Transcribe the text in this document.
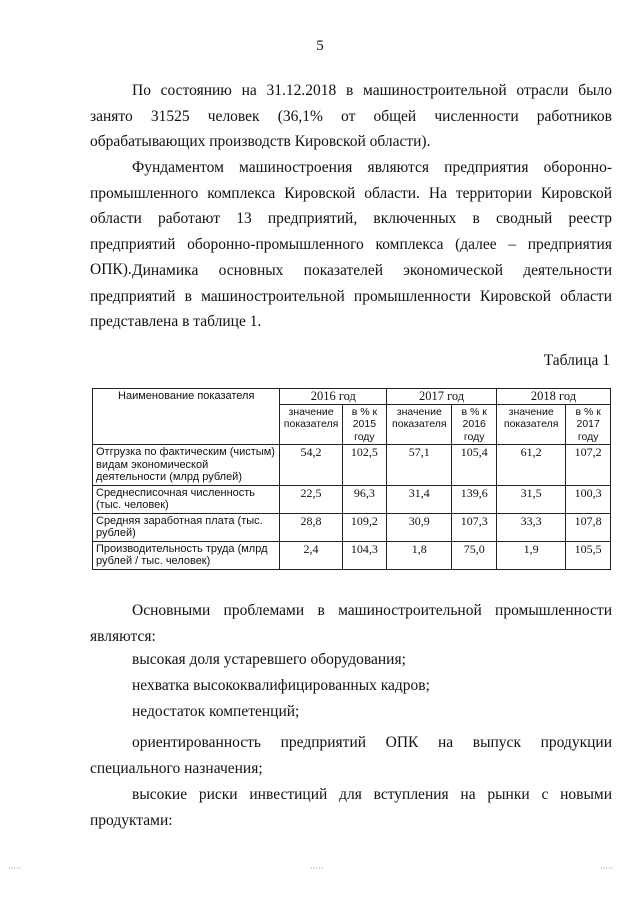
5

По состоянию на 31.12.2018 в машиностроительной отрасли было занято 31525 человек (36,1% от общей численности работников обрабатывающих производств Кировской области).

Фундаментом машиностроения являются предприятия оборонно-промышленного комплекса Кировской области. На территории Кировской области работают 13 предприятий, включенных в сводный реестр предприятий оборонно-промышленного комплекса (далее – предприятия ОПК). Динамика основных показателей экономической деятельности предприятий в машиностроительной промышленности Кировской области представлена в таблице 1.

Таблица 1
Наименование показателя	2016 год		2017 год		2018 год	
	значение показателя	в % к 2015 году	значение показателя	в % к 2016 году	значение показателя	в % к 2017 году
Отгрузка по фактическим (чистым) видам экономической деятельности (млрд рублей)	54,2	102,5	57,1	105,4	61,2	107,2
Среднесписочная численность (тыс. человек)	22,5	96,3	31,4	139,6	31,5	100,3
Средняя заработная плата (тыс. рублей)	28,8	109,2	30,9	107,3	33,3	107,8
Производительность труда (млрд рублей / тыс. человек)	2,4	104,3	1,8	75,0	1,9	105,5

Основными проблемами в машиностроительной промышленности являются:

высокая доля устаревшего оборудования;

нехватка высококвалифицированных кадров;

недостаток компетенций;

ориентированность предприятий ОПК на выпуск продукции специального назначения;

высокие риски инвестиций для вступления на рынки с новыми продуктами:

·····	·····	·····
